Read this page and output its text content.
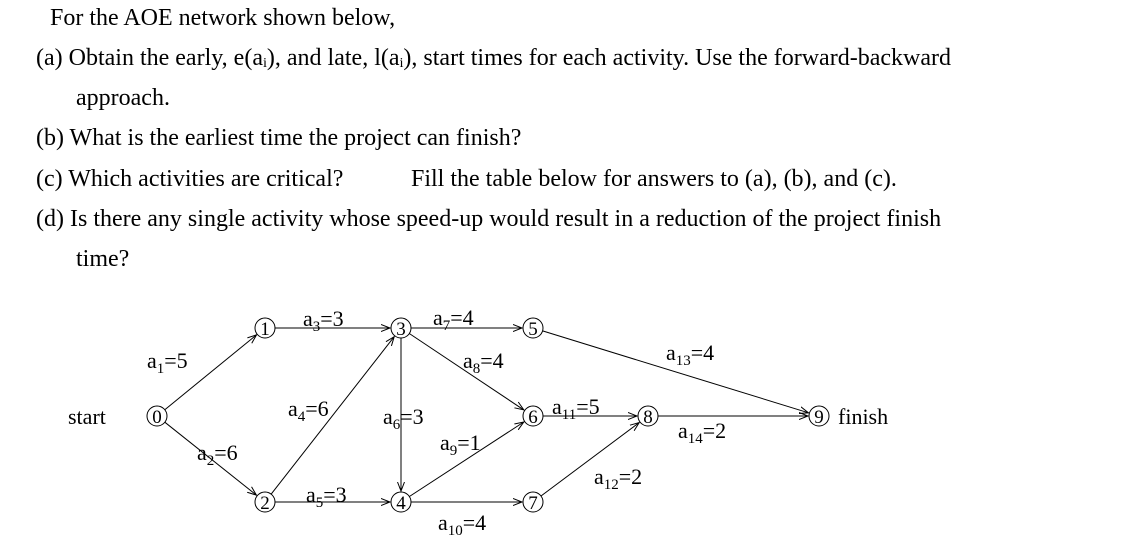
For the AOE network shown below,

(a) Obtain the early, e(aᵢ), and late, l(aᵢ), start times for each activity. Use the forward-backward

approach.

(b) What is the earliest time the project can finish?

(c) Which activities are critical?	Fill the table below for answers to (a), (b), and (c).

(d) Is there any single activity whose speed-up would result in a reduction of the project finish

time?

0
1
2
3
4
5
6
7
8	9
start	finish
$a_1=5$
$a_2=6$
$a_3=3$
$a_4=6$
$a_5=3$
$a_6=3$
$a_7=4$
$a_8=4$
$a_9=1$
$a_{10}=4$
$a_{11}=5$
$a_{12}=2$
$a_{13}=4$
$a_{14}=2$
